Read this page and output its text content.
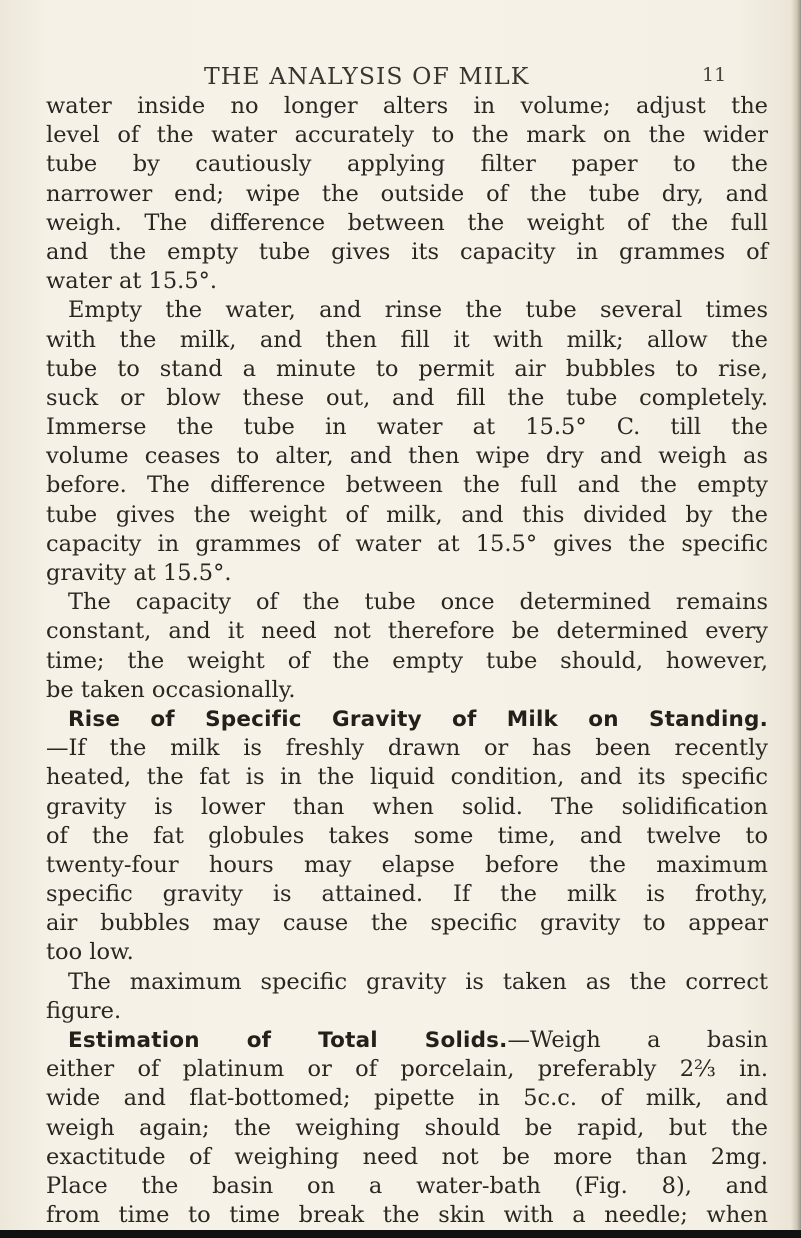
THE ANALYSIS OF MILK	11
water inside no longer alters in volume; adjust the
level of the water accurately to the mark on the wider
tube by cautiously applying filter paper to the
narrower end; wipe the outside of the tube dry, and
weigh. The difference between the weight of the full
and the empty tube gives its capacity in grammes of
water at 15.5°.
Empty the water, and rinse the tube several times
with the milk, and then fill it with milk; allow the
tube to stand a minute to permit air bubbles to rise,
suck or blow these out, and fill the tube completely.
Immerse the tube in water at 15.5° C. till the
volume ceases to alter, and then wipe dry and weigh as
before. The difference between the full and the empty
tube gives the weight of milk, and this divided by the
capacity in grammes of water at 15.5° gives the specific
gravity at 15.5°.
The capacity of the tube once determined remains
constant, and it need not therefore be determined every
time; the weight of the empty tube should, however,
be taken occasionally.
Rise of Specific Gravity of Milk on Standing.
—If the milk is freshly drawn or has been recently
heated, the fat is in the liquid condition, and its specific
gravity is lower than when solid. The solidification
of the fat globules takes some time, and twelve to
twenty-four hours may elapse before the maximum
specific gravity is attained. If the milk is frothy,
air bubbles may cause the specific gravity to appear
too low.
The maximum specific gravity is taken as the correct
figure.
Estimation of Total Solids.—Weigh a basin
either of platinum or of porcelain, preferably 2⅔ in.
wide and flat-bottomed; pipette in 5c.c. of milk, and
weigh again; the weighing should be rapid, but the
exactitude of weighing need not be more than 2mg.
Place the basin on a water-bath (Fig. 8), and
from time to time break the skin with a needle; when
